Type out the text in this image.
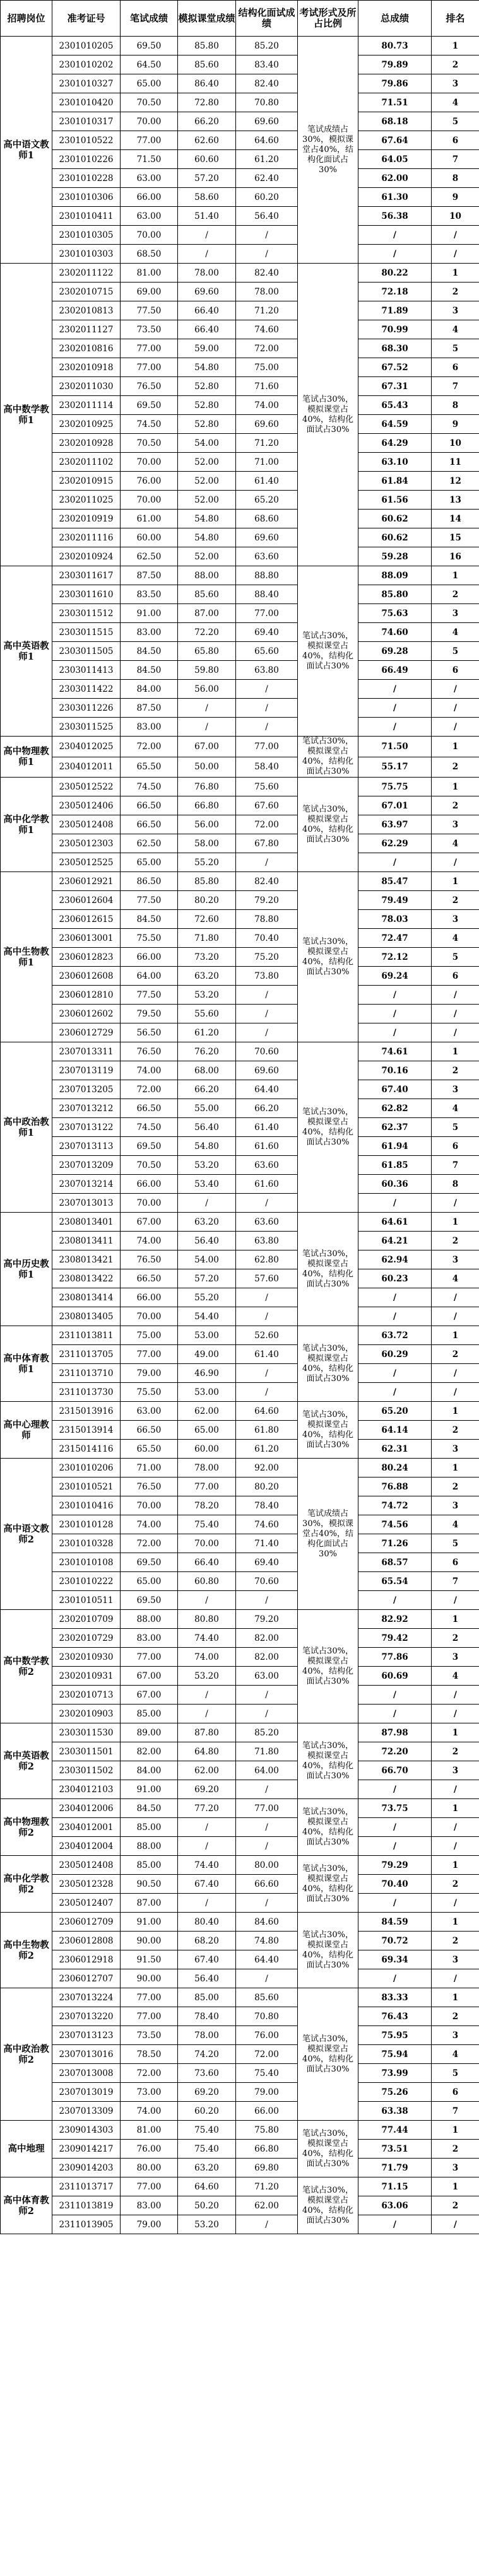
招聘岗位	准考证号	笔试成绩	模拟课堂成绩	结构化面试成绩	考试形式及所占比例	总成绩	排名
高中语文教师1	2301010205	69.50	85.80	85.20	笔试成绩占30%，模拟课堂占40%，结构化面试占30%	80.73	1
	2301010202	64.50	85.60	83.40		79.89	2
	2301010327	65.00	86.40	82.40		79.86	3
	2301010420	70.50	72.80	70.80		71.51	4
	2301010317	70.00	66.20	69.60		68.18	5
	2301010522	77.00	62.60	64.60		67.64	6
	2301010226	71.50	60.60	61.20		64.05	7
	2301010228	63.00	57.20	62.40		62.00	8
	2301010306	66.00	58.60	60.20		61.30	9
	2301010411	63.00	51.40	56.40		56.38	10
	2301010305	70.00	/	/		/	/
	2301010303	68.50	/	/		/	/
高中数学教师1	2302011122	81.00	78.00	82.40	笔试占30%，模拟课堂占40%，结构化面试占30%	80.22	1
	2302010715	69.00	69.60	78.00		72.18	2
	2302010813	77.50	66.40	71.20		71.89	3
	2302011127	73.50	66.40	74.60		70.99	4
	2302010816	77.00	59.00	72.00		68.30	5
	2302010918	77.00	54.80	75.00		67.52	6
	2302011030	76.50	52.80	71.60		67.31	7
	2302011114	69.50	52.80	74.00		65.43	8
	2302010925	74.50	52.80	69.60		64.59	9
	2302010928	70.50	54.00	71.20		64.29	10
	2302011102	70.00	52.00	71.00		63.10	11
	2302010915	76.00	52.00	61.40		61.84	12
	2302011025	70.00	52.00	65.20		61.56	13
	2302010919	61.00	54.80	68.60		60.62	14
	2302011116	60.00	54.80	69.60		60.62	15
	2302010924	62.50	52.00	63.60		59.28	16
高中英语教师1	2303011617	87.50	88.00	88.80	笔试占30%，模拟课堂占40%，结构化面试占30%	88.09	1
	2303011610	83.50	85.60	88.40		85.80	2
	2303011512	91.00	87.00	77.00		75.63	3
	2303011515	83.00	72.20	69.40		74.60	4
	2303011505	84.50	65.80	65.60		69.28	5
	2303011413	84.50	59.80	63.80		66.49	6
	2303011422	84.00	56.00	/		/	/
	2303011226	87.50	/	/		/	/
	2303011525	83.00	/	/		/	/
高中物理教师1	2304012025	72.00	67.00	77.00	笔试占30%，模拟课堂占40%，结构化面试占30%	71.50	1
	2304012011	65.50	50.00	58.40		55.17	2
高中化学教师1	2305012522	74.50	76.80	75.60	笔试占30%，模拟课堂占40%，结构化面试占30%	75.75	1
	2305012406	66.50	66.80	67.60		67.01	2
	2305012408	66.50	56.00	72.00		63.97	3
	2305012303	62.50	58.00	67.80		62.29	4
	2305012525	65.00	55.20	/		/	/
高中生物教师1	2306012921	86.50	85.80	82.40	笔试占30%，模拟课堂占40%，结构化面试占30%	85.47	1
	2306012604	77.50	80.20	79.20		79.49	2
	2306012615	84.50	72.60	78.80		78.03	3
	2306013001	75.50	71.80	70.40		72.47	4
	2306012823	66.00	73.20	75.20		72.12	5
	2306012608	64.00	63.20	73.80		69.24	6
	2306012810	77.50	53.20	/		/	/
	2306012602	79.50	55.60	/		/	/
	2306012729	56.50	61.20	/		/	/
高中政治教师1	2307013311	76.50	76.20	70.60	笔试占30%，模拟课堂占40%，结构化面试占30%	74.61	1
	2307013119	74.00	68.00	69.60		70.16	2
	2307013205	72.00	66.20	64.40		67.40	3
	2307013212	66.50	55.00	66.20		62.82	4
	2307013122	74.50	56.40	61.40		62.37	5
	2307013113	69.50	54.80	61.60		61.94	6
	2307013209	70.50	53.20	63.60		61.85	7
	2307013214	66.00	53.40	61.60		60.36	8
	2307013013	70.00	/	/		/	/
高中历史教师1	2308013401	67.00	63.20	63.60	笔试占30%，模拟课堂占40%，结构化面试占30%	64.61	1
	2308013411	74.00	56.40	63.80		64.21	2
	2308013421	76.50	54.00	62.80		62.94	3
	2308013422	66.50	57.20	57.60		60.23	4
	2308013414	66.00	55.20	/		/	/
	2308013405	70.00	54.40	/		/	/
高中体育教师1	2311013811	75.00	53.00	52.60	笔试占30%，模拟课堂占40%，结构化面试占30%	63.72	1
	2311013705	77.00	49.00	61.40		60.29	2
	2311013710	79.00	46.90	/		/	/
	2311013730	75.50	53.00	/		/	/
高中心理教师	2315013916	63.00	62.00	64.60	笔试占30%，模拟课堂占40%，结构化面试占30%	65.20	1
	2315013914	66.50	65.00	61.80		64.14	2
	2315014116	65.50	60.00	61.20		62.31	3
高中语文教师2	2301010206	71.00	78.00	92.00	笔试成绩占30%，模拟课堂占40%，结构化面试占30%	80.24	1
	2301010521	76.50	77.00	80.20		76.88	2
	2301010416	70.00	78.20	78.40		74.72	3
	2301010128	74.00	75.40	74.60		74.56	4
	2301010328	72.00	70.00	71.40		71.26	5
	2301010108	69.50	66.40	69.40		68.57	6
	2301010222	65.00	60.80	70.60		65.54	7
	2301010511	69.50	/	/		/	/
高中数学教师2	2302010709	88.00	80.80	79.20	笔试占30%，模拟课堂占40%，结构化面试占30%	82.92	1
	2302010729	83.00	74.40	82.00		79.42	2
	2302010930	77.00	74.00	82.00		77.86	3
	2302010931	67.00	53.20	63.00		60.69	4
	2302010713	67.00	/	/		/	/
	2302010903	85.00	/	/		/	/
高中英语教师2	2303011530	89.00	87.80	85.20	笔试占30%，模拟课堂占40%，结构化面试占30%	87.98	1
	2303011501	82.00	64.80	71.80		72.20	2
	2303011502	84.00	62.00	64.00		66.70	3
	2304012103	91.00	69.20	/		/	/
高中物理教师2	2304012006	84.50	77.20	77.00	笔试占30%，模拟课堂占40%，结构化面试占30%	73.75	1
	2304012001	85.00	/	/		/	/
	2304012004	88.00	/	/		/	/
高中化学教师2	2305012408	85.00	74.40	80.00	笔试占30%，模拟课堂占40%，结构化面试占30%	79.29	1
	2305012328	90.50	67.40	66.60		70.40	2
	2305012407	87.00	/	/		/	/
高中生物教师2	2306012709	91.00	80.40	84.60	笔试占30%，模拟课堂占40%，结构化面试占30%	84.59	1
	2306012808	90.00	68.20	74.80		70.72	2
	2306012918	91.50	67.40	64.40		69.34	3
	2306012707	90.00	56.40	/		/	/
高中政治教师2	2307013224	77.00	85.00	85.60	笔试占30%，模拟课堂占40%，结构化面试占30%	83.33	1
	2307013220	77.00	78.40	70.80		76.43	2
	2307013123	73.50	78.00	76.00		75.95	3
	2307013016	78.50	74.20	72.00		75.94	4
	2307013008	72.00	73.60	75.40		73.99	5
	2307013019	73.00	69.20	79.00		75.26	6
	2307013309	74.00	60.20	66.00		63.38	7
高中地理	2309014303	81.00	75.40	75.80	笔试占30%，模拟课堂占40%，结构化面试占30%	77.44	1
	2309014217	76.00	75.40	66.80		73.51	2
	2309014203	80.00	63.20	69.80		71.79	3
高中体育教师2	2311013717	77.00	64.60	71.20	笔试占30%，模拟课堂占40%，结构化面试占30%	71.15	1
	2311013819	83.00	50.20	62.00		63.06	2
	2311013905	79.00	53.20	/		/	/
